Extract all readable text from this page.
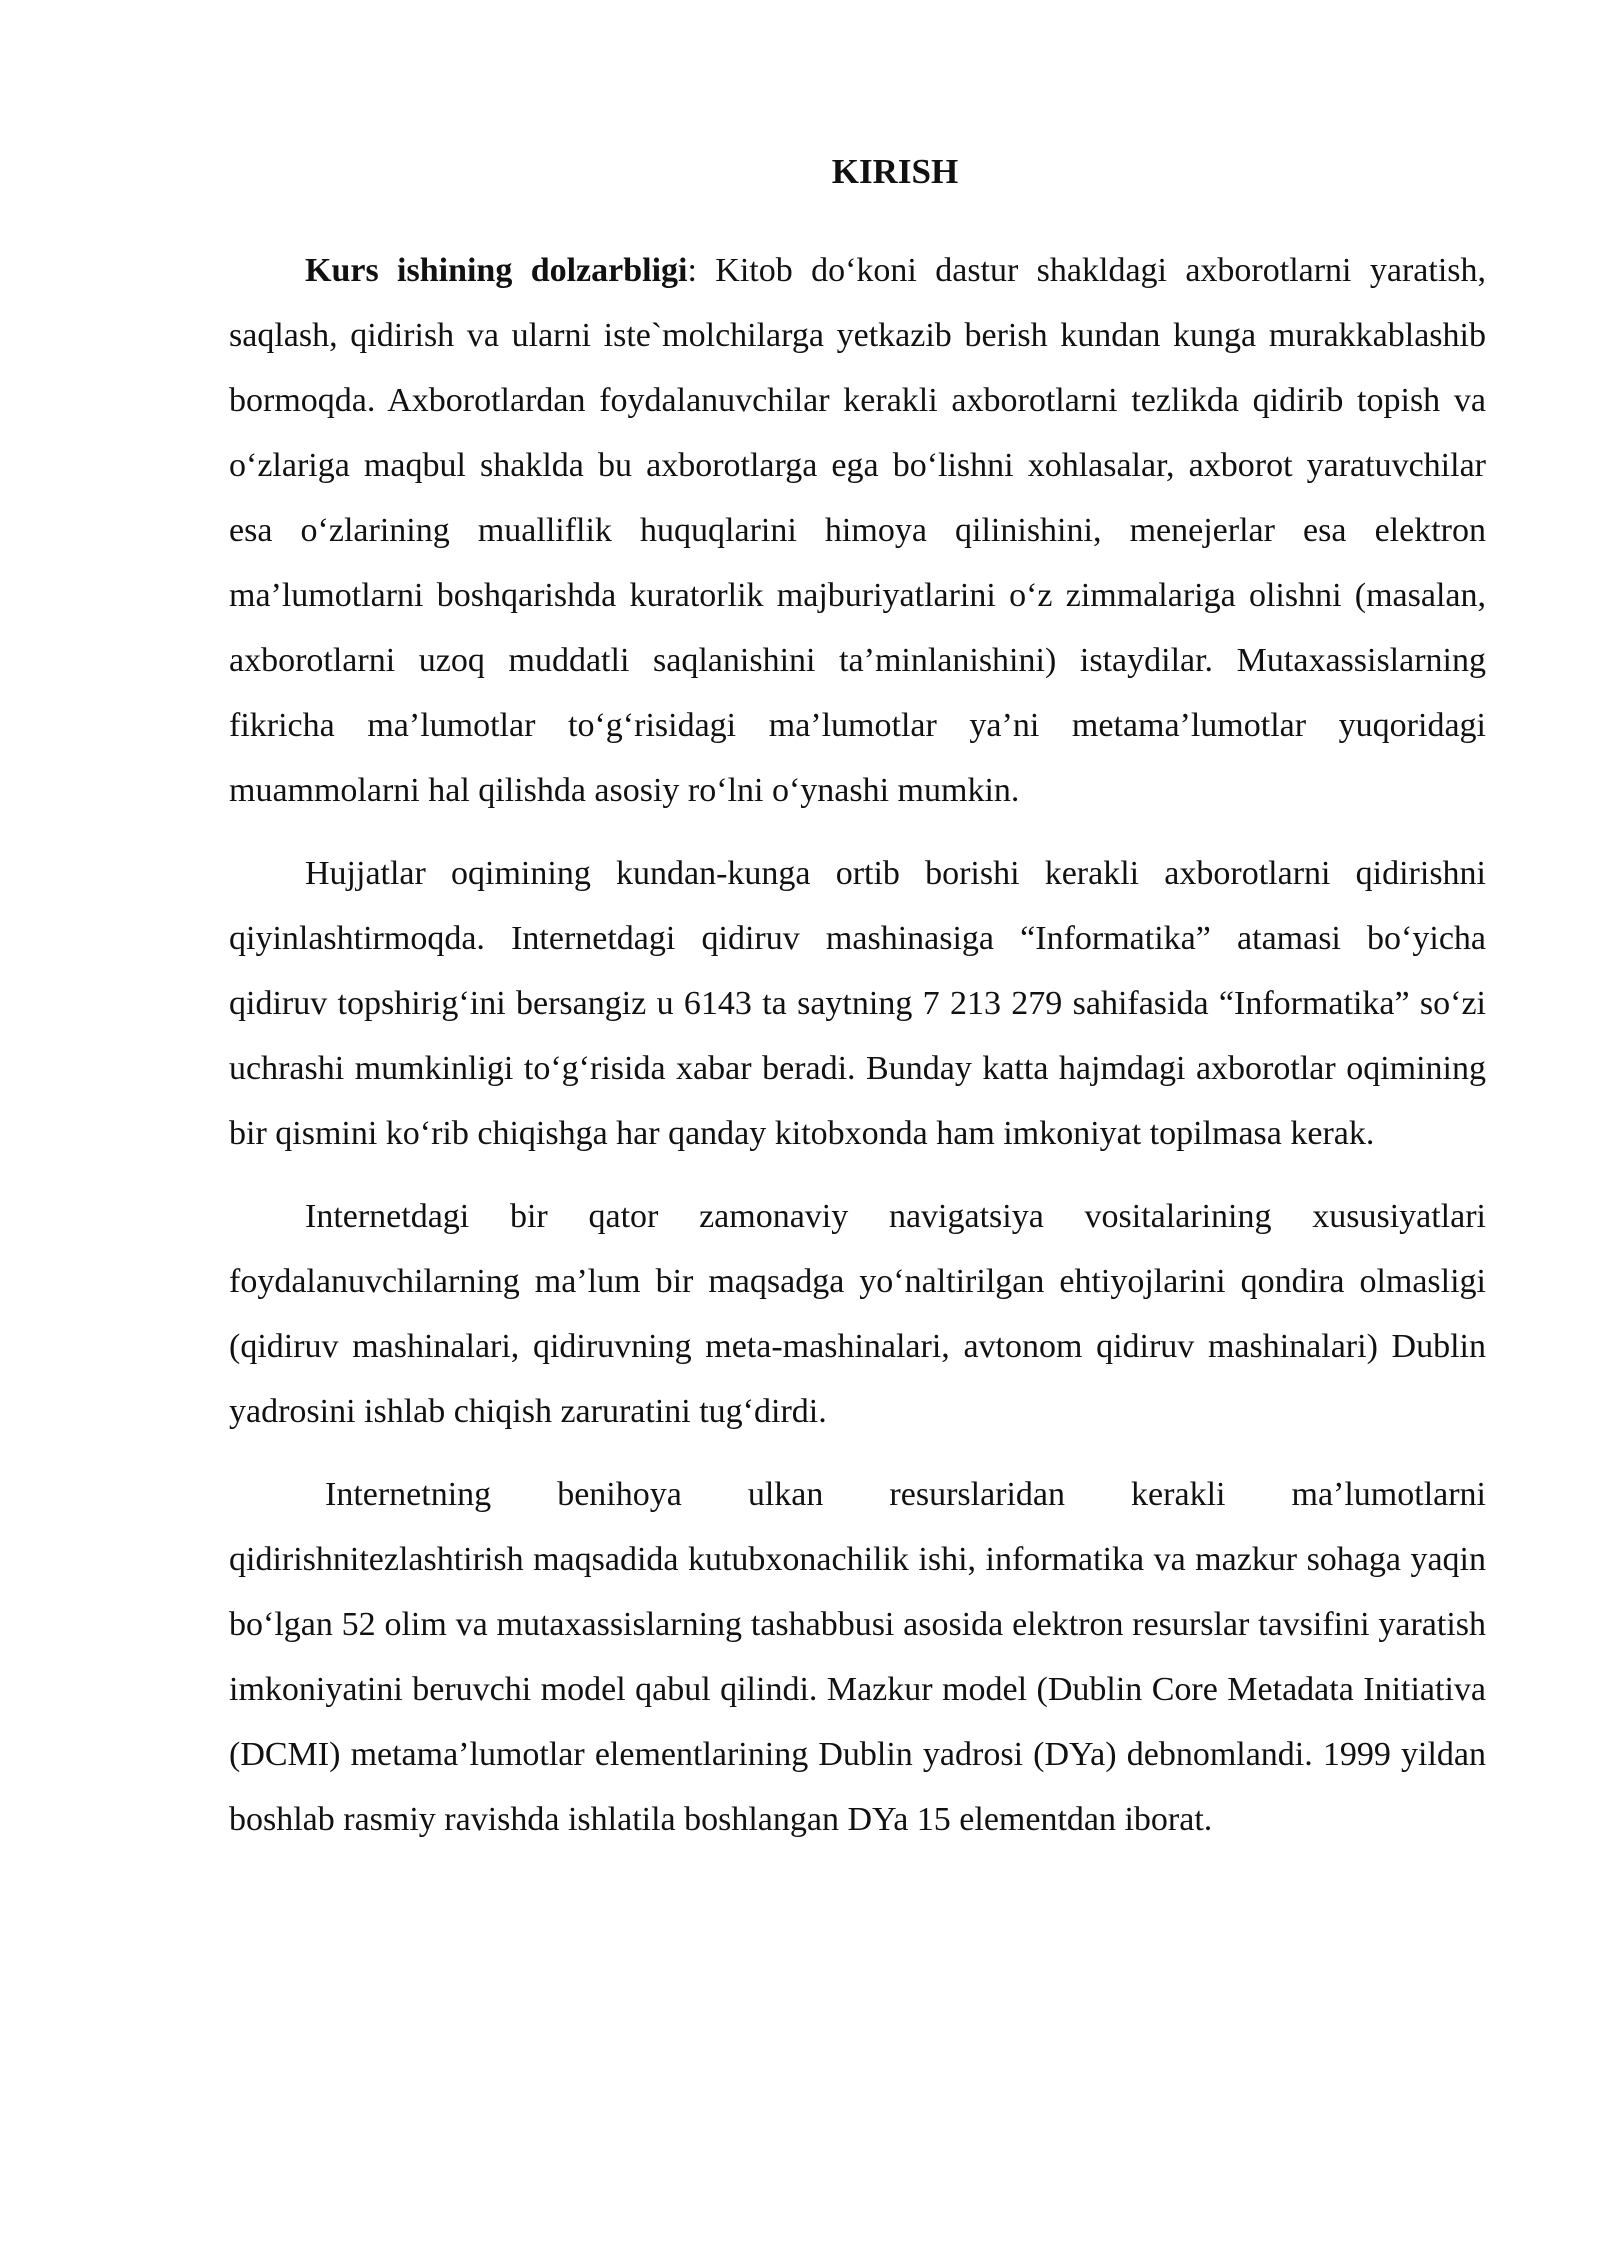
KIRISH

Kurs ishining dolzarbligi: Kitob do‘koni dastur shakldagi axborotlarni yaratish, saqlash, qidirish va ularni iste`molchilarga yetkazib berish kundan kunga murakkablashib bormoqda. Axborotlardan foydalanuvchilar kerakli axborotlarni tezlikda qidirib topish va o‘zlariga maqbul shaklda bu axborotlarga ega bo‘lishni xohlasalar, axborot yaratuvchilar esa o‘zlarining mualliflik huquqlarini himoya qilinishini, menejerlar esa elektron ma’lumotlarni boshqarishda kuratorlik majburiyatlarini o‘z zimmalariga olishni (masalan, axborotlarni uzoq muddatli saqlanishini ta’minlanishini) istaydilar. Mutaxassislarning fikricha ma’lumotlar to‘g‘risidagi ma’lumotlar ya’ni metama’lumotlar yuqoridagi muammolarni hal qilishda asosiy ro‘lni o‘ynashi mumkin.

Hujjatlar oqimining kundan-kunga ortib borishi kerakli axborotlarni qidirishni qiyinlashtirmoqda. Internetdagi qidiruv mashinasiga “Informatika” atamasi bo‘yicha qidiruv topshirig‘ini bersangiz u 6143 ta saytning 7 213 279 sahifasida “Informatika” so‘zi uchrashi mumkinligi to‘g‘risida xabar beradi. Bunday katta hajmdagi axborotlar oqimining bir qismini ko‘rib chiqishga har qanday kitobxonda ham imkoniyat topilmasa kerak.

Internetdagi bir qator zamonaviy navigatsiya vositalarining xususiyatlari foydalanuvchilarning ma’lum bir maqsadga yo‘naltirilgan ehtiyojlarini qondira olmasligi (qidiruv mashinalari, qidiruvning meta-mashinalari, avtonom qidiruv mashinalari) Dublin yadrosini ishlab chiqish zaruratini tug‘dirdi.

Internetning benihoya ulkan resurslaridan kerakli ma’lumotlarni qidirishnitezlashtirish maqsadida kutubxonachilik ishi, informatika va mazkur sohaga yaqin bo‘lgan 52 olim va mutaxassislarning tashabbusi asosida elektron resurslar tavsifini yaratish imkoniyatini beruvchi model qabul qilindi. Mazkur model (Dublin Core Metadata Initiativa (DCMI) metama’lumotlar elementlarining Dublin yadrosi (DYa) debnomlandi. 1999 yildan boshlab rasmiy ravishda ishlatila boshlangan DYa 15 elementdan iborat.
